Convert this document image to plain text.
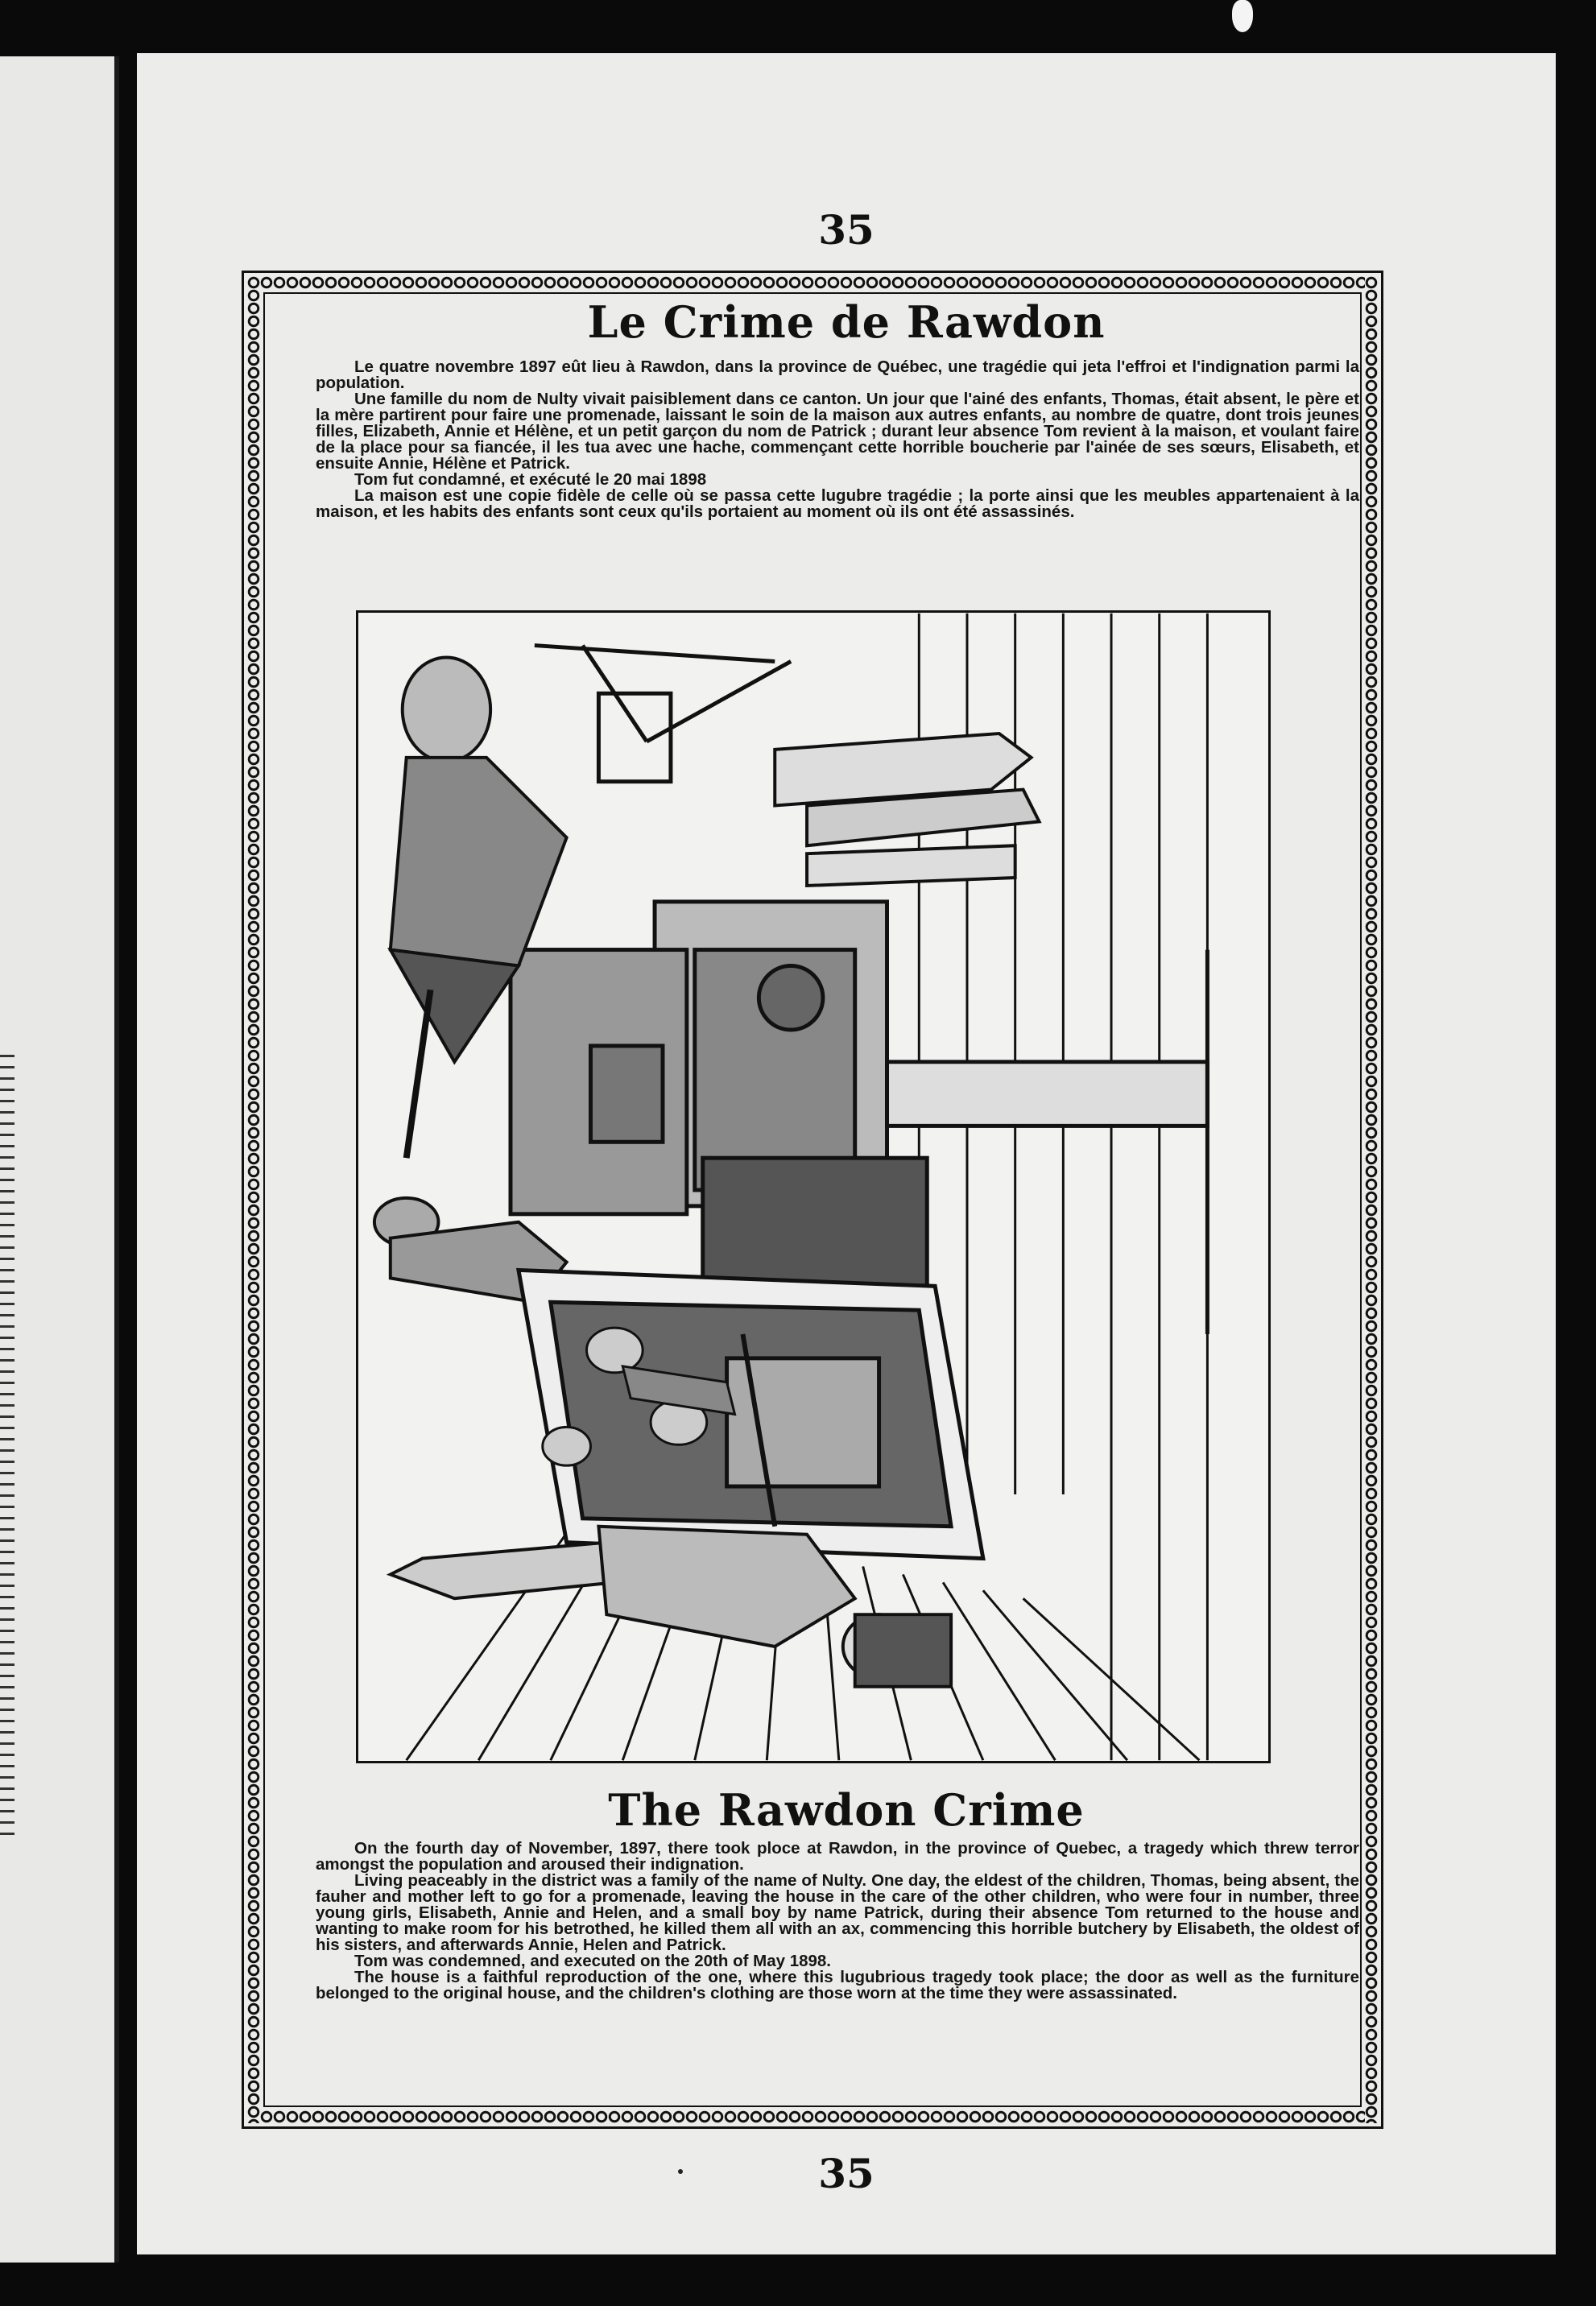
35
Le Crime de Rawdon

Le quatre novembre 1897 eût lieu à Rawdon, dans la province de Québec, une tragédie qui jeta l'effroi et l'indignation parmi la population.

Une famille du nom de Nulty vivait paisiblement dans ce canton. Un jour que l'ainé des enfants, Thomas, était absent, le père et la mère partirent pour faire une promenade, laissant le soin de la maison aux autres enfants, au nombre de quatre, dont trois jeunes filles, Elizabeth, Annie et Hélène, et un petit garçon du nom de Patrick ; durant leur absence Tom revient à la maison, et voulant faire de la place pour sa fiancée, il les tua avec une hache, commençant cette horrible boucherie par l'ainée de ses sœurs, Elisabeth, et ensuite Annie, Hélène et Patrick.

Tom fut condamné, et exécuté le 20 mai 1898

La maison est une copie fidèle de celle où se passa cette lugubre tragédie ; la porte ainsi que les meubles appartenaient à la maison, et les habits des enfants sont ceux qu'ils portaient au moment où ils ont été assassinés.

The Rawdon Crime

On the fourth day of November, 1897, there took ploce at Rawdon, in the province of Quebec, a tragedy which threw terror amongst the population and aroused their indignation.

Living peaceably in the district was a family of the name of Nulty. One day, the eldest of the children, Thomas, being absent, the fauher and mother left to go for a promenade, leaving the house in the care of the other children, who were four in number, three young girls, Elisabeth, Annie and Helen, and a small boy by name Patrick, during their absence Tom returned to the house and wanting to make room for his betrothed, he killed them all with an ax, commencing this horrible butchery by Elisabeth, the oldest of his sisters, and afterwards Annie, Helen and Patrick.

Tom was condemned, and executed on the 20th of May 1898.

The house is a faithful reproduction of the one, where this lugubrious tragedy took place; the door as well as the furniture belonged to the original house, and the children's clothing are those worn at the time they were assassinated.

35
